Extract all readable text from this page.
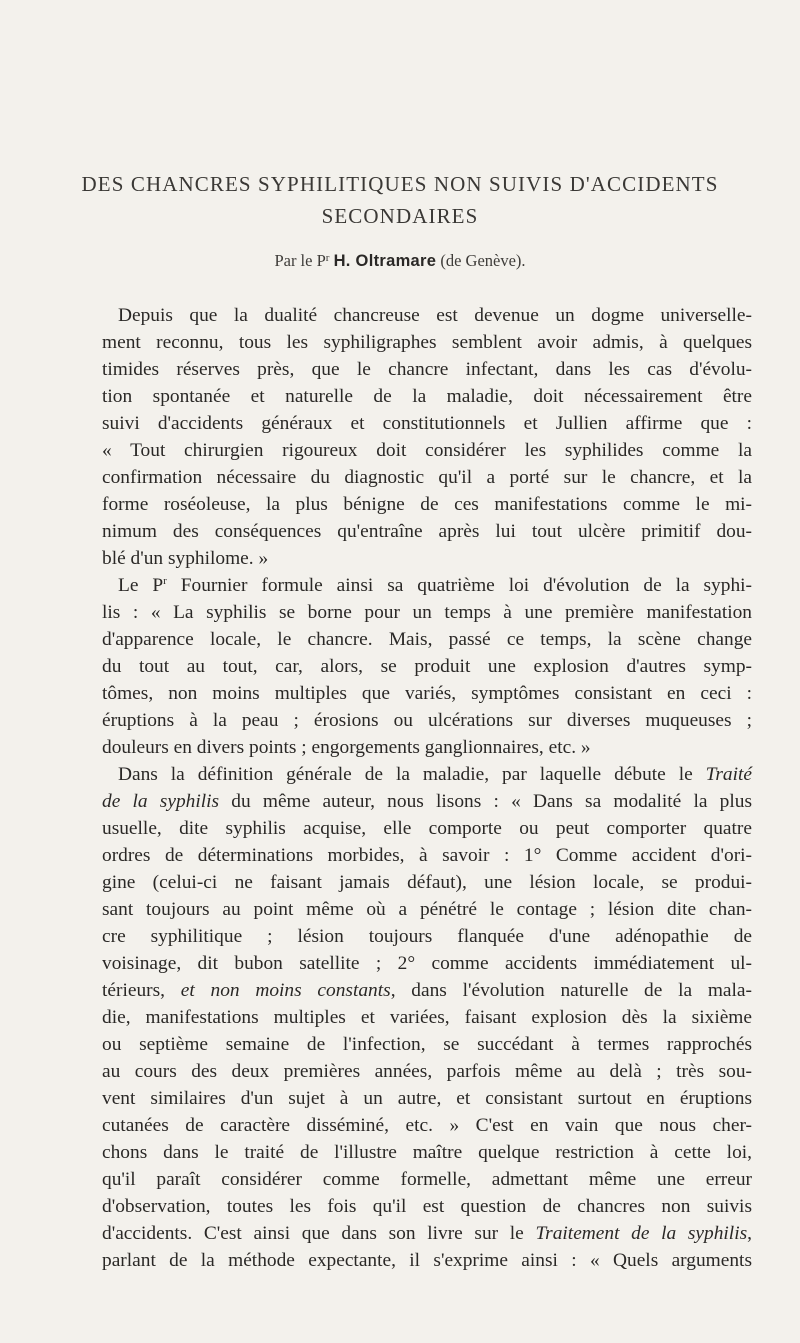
DES CHANCRES SYPHILITIQUES NON SUIVIS D'ACCIDENTS
SECONDAIRES
Par le $P^r$ H. Oltramare (de Genève).
Depuis que la dualité chancreuse est devenue un dogme universelle-
ment reconnu, tous les syphiligraphes semblent avoir admis, à quelques
timides réserves près, que le chancre infectant, dans les cas d'évolu-
tion spontanée et naturelle de la maladie, doit nécessairement être
suivi d'accidents généraux et constitutionnels et Jullien affirme que :
« Tout chirurgien rigoureux doit considérer les syphilides comme la
confirmation nécessaire du diagnostic qu'il a porté sur le chancre, et la
forme roséoleuse, la plus bénigne de ces manifestations comme le mi-
nimum des conséquences qu'entraîne après lui tout ulcère primitif dou-
blé d'un syphilome. »
Le $P^r$ Fournier formule ainsi sa quatrième loi d'évolution de la syphi-
lis : « La syphilis se borne pour un temps à une première manifestation
d'apparence locale, le chancre. Mais, passé ce temps, la scène change
du tout au tout, car, alors, se produit une explosion d'autres symp-
tômes, non moins multiples que variés, symptômes consistant en ceci :
éruptions à la peau ; érosions ou ulcérations sur diverses muqueuses ;
douleurs en divers points ; engorgements ganglionnaires, etc. »
Dans la définition générale de la maladie, par laquelle débute le Traité
de la syphilis du même auteur, nous lisons : « Dans sa modalité la plus
usuelle, dite syphilis acquise, elle comporte ou peut comporter quatre
ordres de déterminations morbides, à savoir : 1° Comme accident d'ori-
gine (celui-ci ne faisant jamais défaut), une lésion locale, se produi-
sant toujours au point même où a pénétré le contage ; lésion dite chan-
cre syphilitique ; lésion toujours flanquée d'une adénopathie de
voisinage, dit bubon satellite ; 2° comme accidents immédiatement ul-
térieurs, et non moins constants, dans l'évolution naturelle de la mala-
die, manifestations multiples et variées, faisant explosion dès la sixième
ou septième semaine de l'infection, se succédant à termes rapprochés
au cours des deux premières années, parfois même au delà ; très sou-
vent similaires d'un sujet à un autre, et consistant surtout en éruptions
cutanées de caractère disséminé, etc. » C'est en vain que nous cher-
chons dans le traité de l'illustre maître quelque restriction à cette loi,
qu'il paraît considérer comme formelle, admettant même une erreur
d'observation, toutes les fois qu'il est question de chancres non suivis
d'accidents. C'est ainsi que dans son livre sur le Traitement de la syphilis,
parlant de la méthode expectante, il s'exprime ainsi : « Quels arguments
